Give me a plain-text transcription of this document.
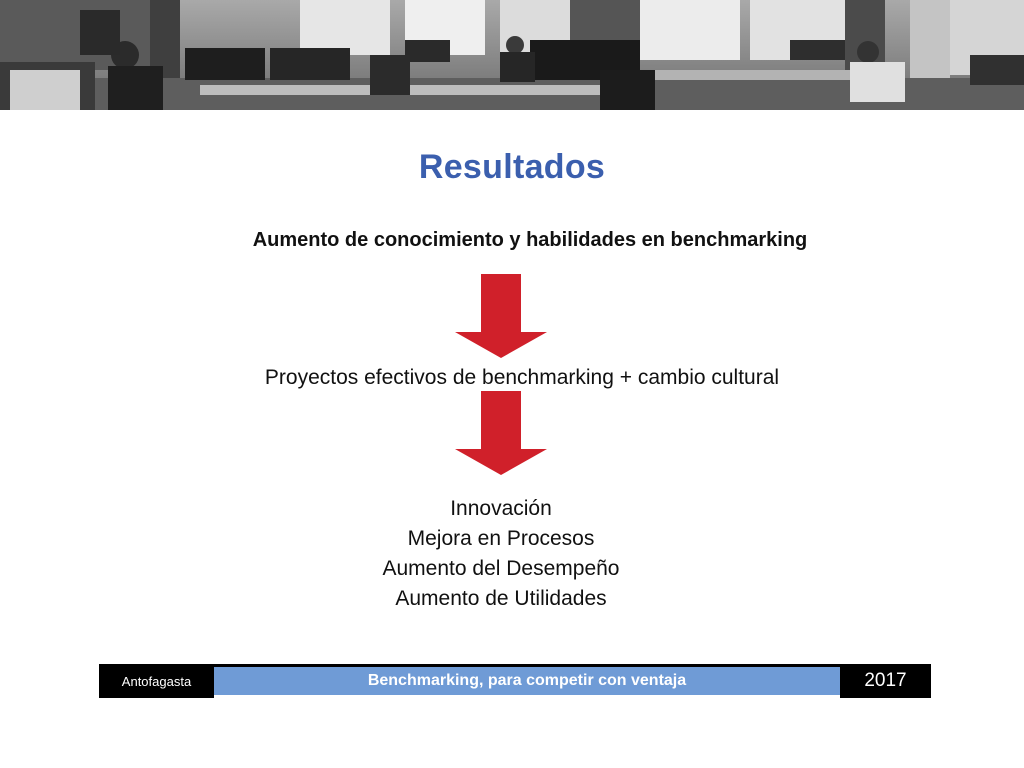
Resultados
Aumento de conocimiento y habilidades en benchmarking
Proyectos efectivos de benchmarking + cambio cultural
Innovación
Mejora en Procesos
Aumento del Desempeño
Aumento de Utilidades
Antofagasta	Benchmarking, para competir con ventaja	2017
